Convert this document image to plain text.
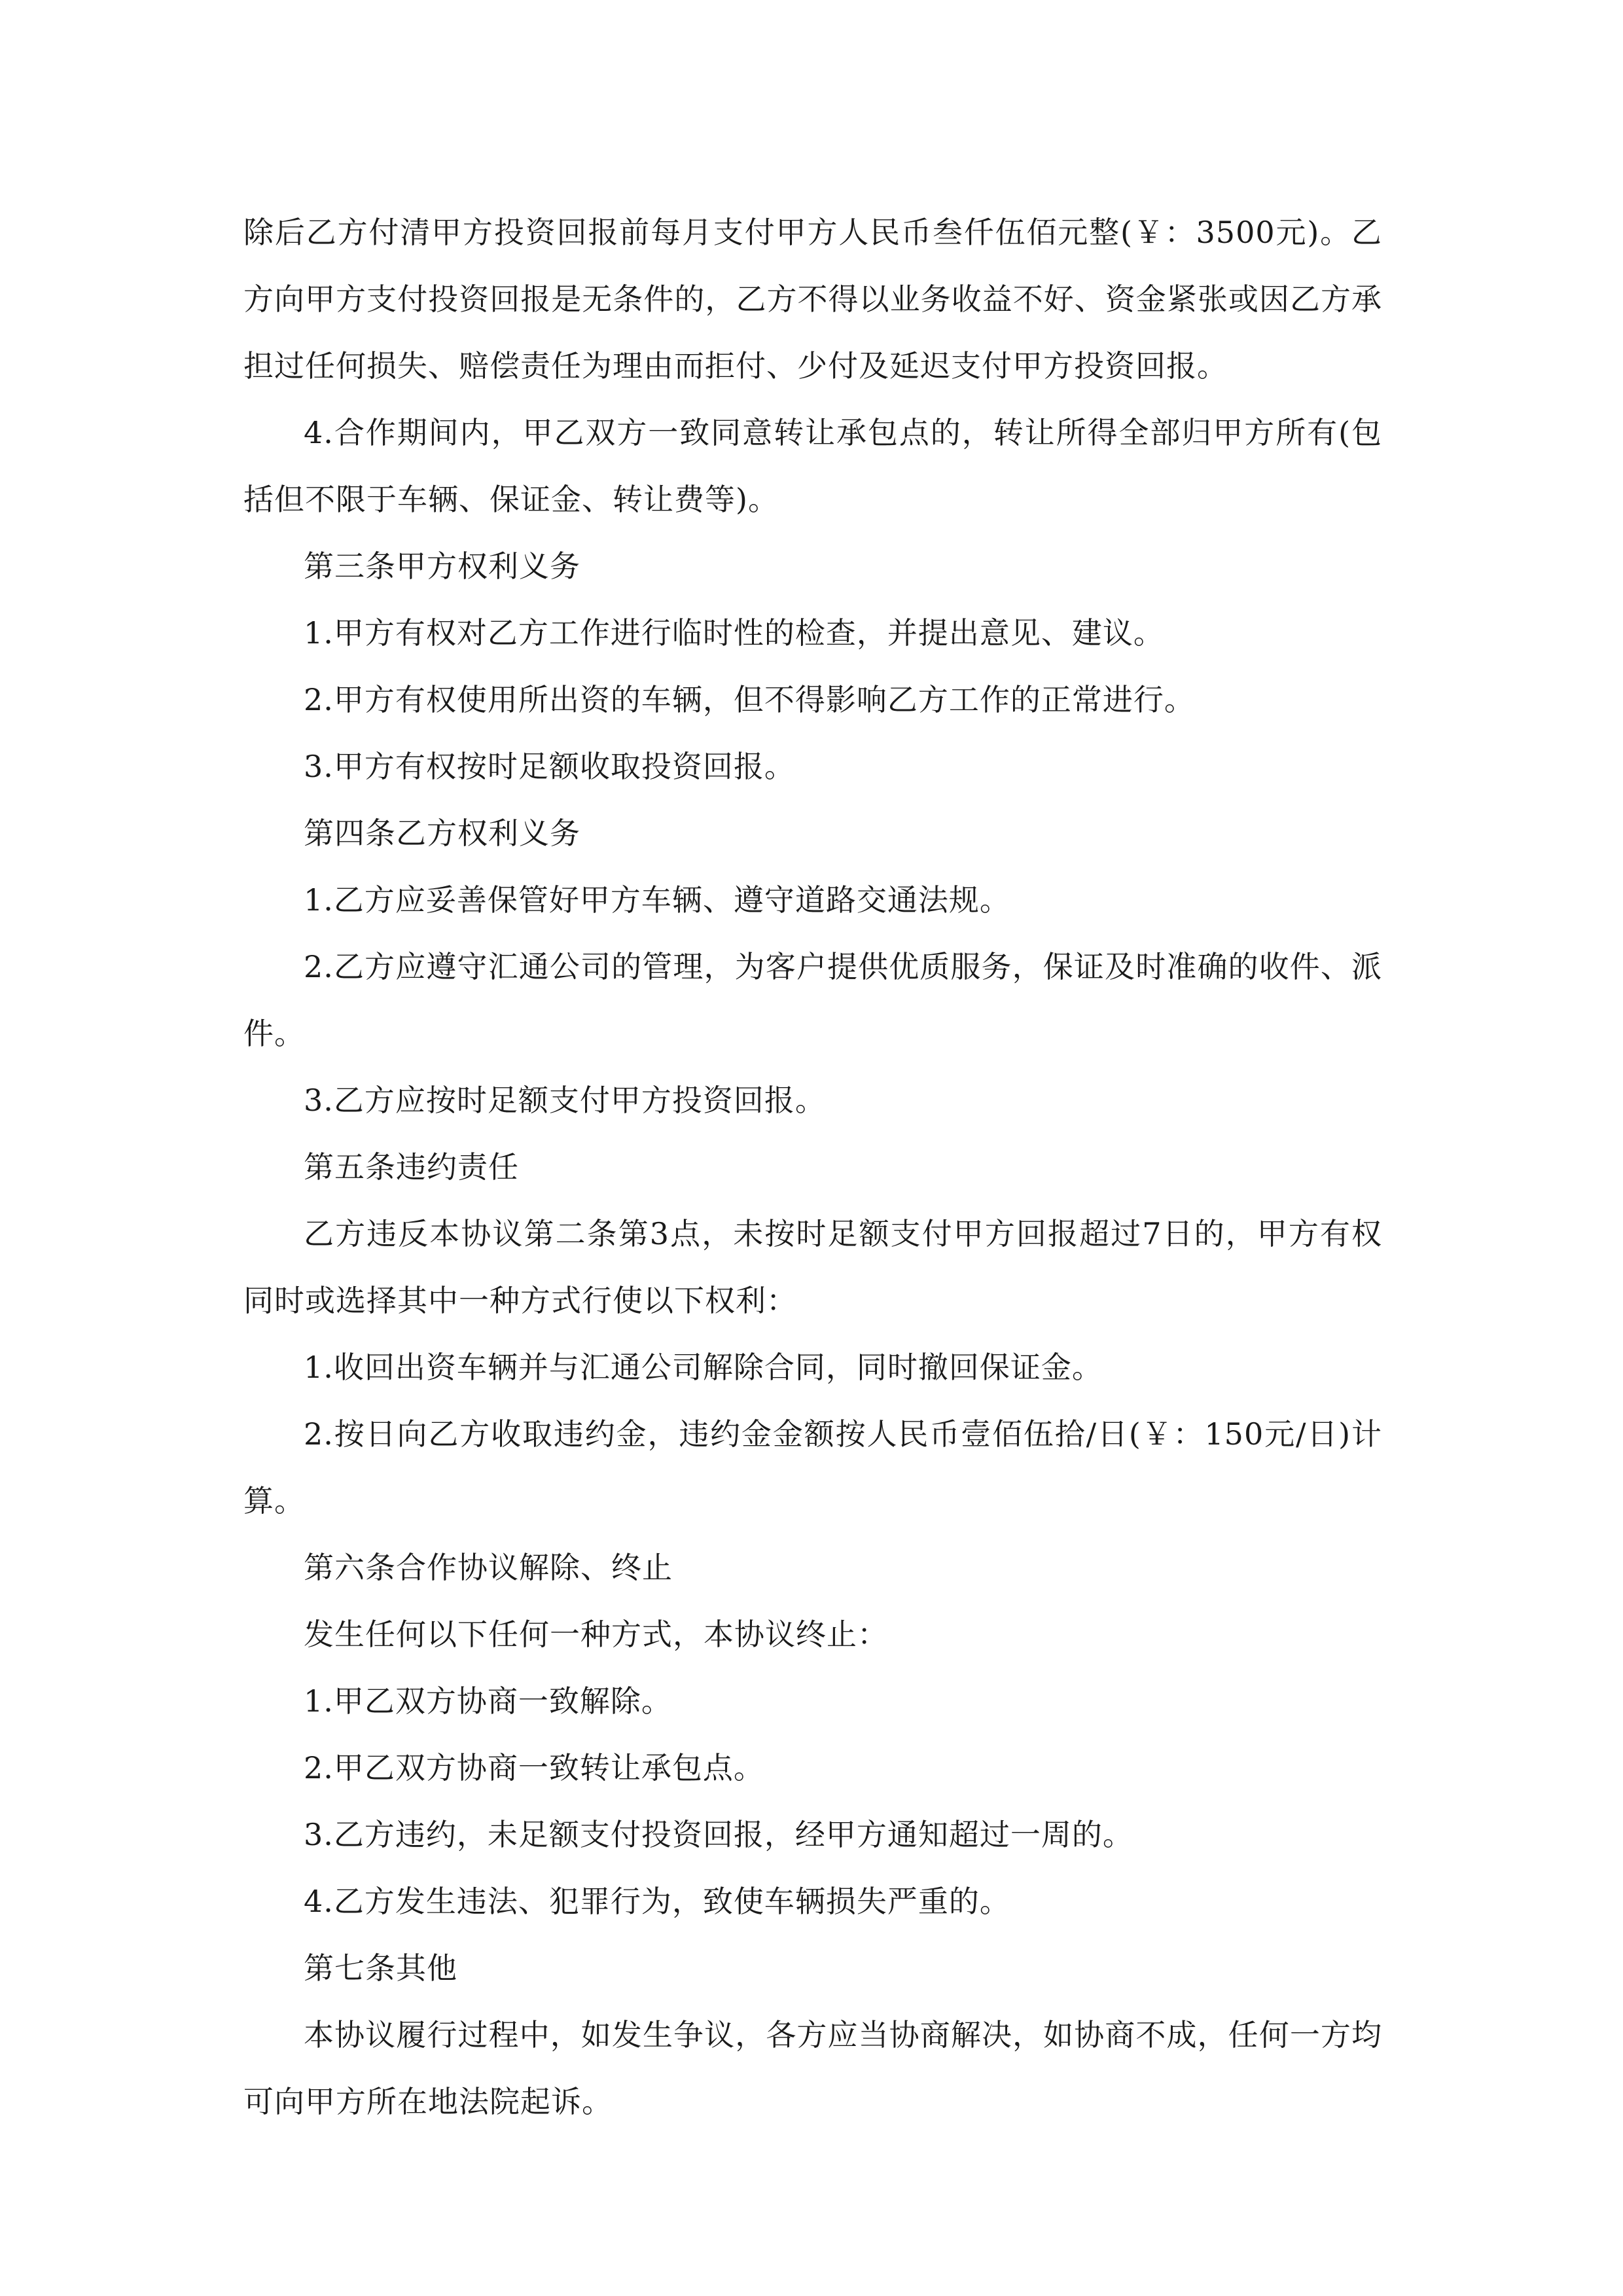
除后乙方付清甲方投资回报前每月支付甲方人民币叁仟伍佰元整(￥：3500元)。乙方向甲方支付投资回报是无条件的，乙方不得以业务收益不好、资金紧张或因乙方承担过任何损失、赔偿责任为理由而拒付、少付及延迟支付甲方投资回报。

4.合作期间内，甲乙双方一致同意转让承包点的，转让所得全部归甲方所有(包括但不限于车辆、保证金、转让费等)。

第三条甲方权利义务

1.甲方有权对乙方工作进行临时性的检查，并提出意见、建议。

2.甲方有权使用所出资的车辆，但不得影响乙方工作的正常进行。

3.甲方有权按时足额收取投资回报。

第四条乙方权利义务

1.乙方应妥善保管好甲方车辆、遵守道路交通法规。

2.乙方应遵守汇通公司的管理，为客户提供优质服务，保证及时准确的收件、派件。

3.乙方应按时足额支付甲方投资回报。

第五条违约责任

乙方违反本协议第二条第3点，未按时足额支付甲方回报超过7日的，甲方有权同时或选择其中一种方式行使以下权利：

1.收回出资车辆并与汇通公司解除合同，同时撤回保证金。

2.按日向乙方收取违约金，违约金金额按人民币壹佰伍拾/日(￥：150元/日)计算。

第六条合作协议解除、终止

发生任何以下任何一种方式，本协议终止：

1.甲乙双方协商一致解除。

2.甲乙双方协商一致转让承包点。

3.乙方违约，未足额支付投资回报，经甲方通知超过一周的。

4.乙方发生违法、犯罪行为，致使车辆损失严重的。

第七条其他

本协议履行过程中，如发生争议，各方应当协商解决，如协商不成，任何一方均可向甲方所在地法院起诉。
